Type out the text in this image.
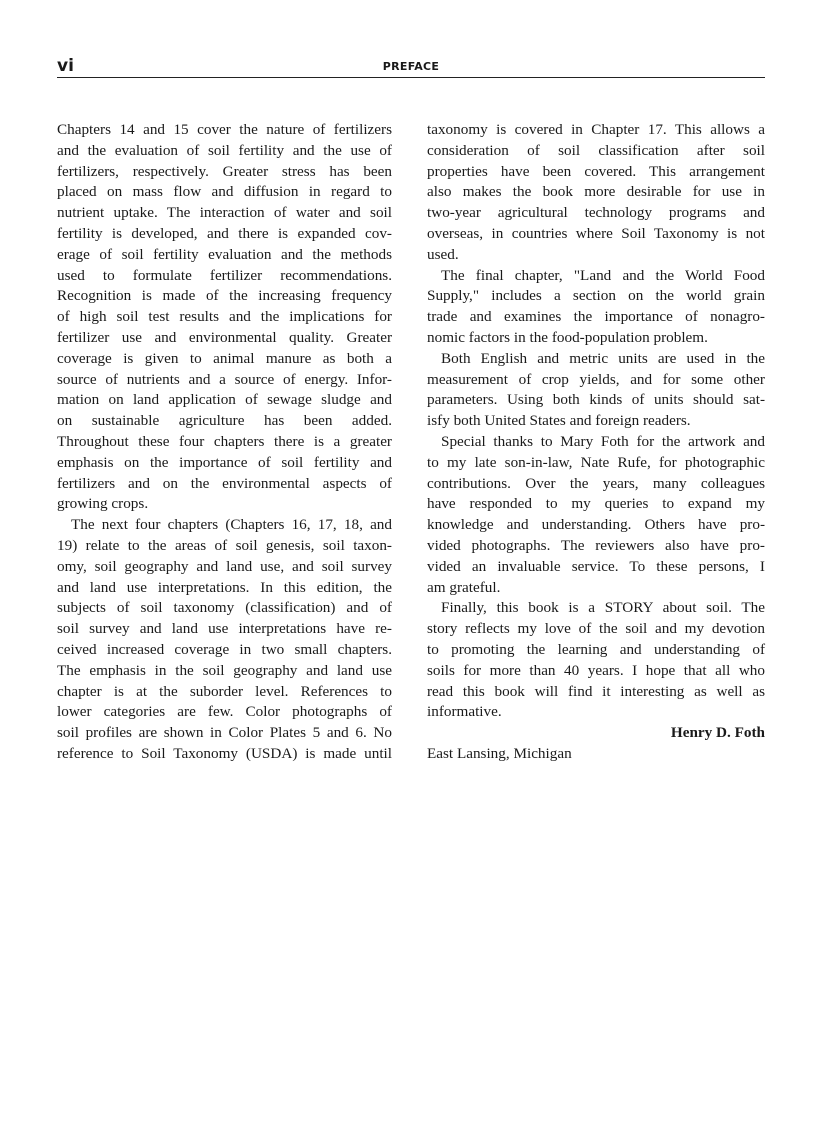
vi	PREFACE
Chapters 14 and 15 cover the nature of fertilizers
and the evaluation of soil fertility and the use of
fertilizers, respectively. Greater stress has been
placed on mass flow and diffusion in regard to
nutrient uptake. The interaction of water and soil
fertility is developed, and there is expanded cov-
erage of soil fertility evaluation and the methods
used to formulate fertilizer recommendations.
Recognition is made of the increasing frequency
of high soil test results and the implications for
fertilizer use and environmental quality. Greater
coverage is given to animal manure as both a
source of nutrients and a source of energy. Infor-
mation on land application of sewage sludge and
on sustainable agriculture has been added.
Throughout these four chapters there is a greater
emphasis on the importance of soil fertility and
fertilizers and on the environmental aspects of
growing crops.
The next four chapters (Chapters 16, 17, 18, and
19) relate to the areas of soil genesis, soil taxon-
omy, soil geography and land use, and soil survey
and land use interpretations. In this edition, the
subjects of soil taxonomy (classification) and of
soil survey and land use interpretations have re-
ceived increased coverage in two small chapters.
The emphasis in the soil geography and land use
chapter is at the suborder level. References to
lower categories are few. Color photographs of
soil profiles are shown in Color Plates 5 and 6. No
reference to Soil Taxonomy (USDA) is made until
taxonomy is covered in Chapter 17. This allows a
consideration of soil classification after soil
properties have been covered. This arrangement
also makes the book more desirable for use in
two-year agricultural technology programs and
overseas, in countries where Soil Taxonomy is not
used.
The final chapter, "Land and the World Food
Supply," includes a section on the world grain
trade and examines the importance of nonagro-
nomic factors in the food-population problem.
Both English and metric units are used in the
measurement of crop yields, and for some other
parameters. Using both kinds of units should sat-
isfy both United States and foreign readers.
Special thanks to Mary Foth for the artwork and
to my late son-in-law, Nate Rufe, for photographic
contributions. Over the years, many colleagues
have responded to my queries to expand my
knowledge and understanding. Others have pro-
vided photographs. The reviewers also have pro-
vided an invaluable service. To these persons, I
am grateful.
Finally, this book is a STORY about soil. The
story reflects my love of the soil and my devotion
to promoting the learning and understanding of
soils for more than 40 years. I hope that all who
read this book will find it interesting as well as
informative.
Henry D. Foth
East Lansing, Michigan
